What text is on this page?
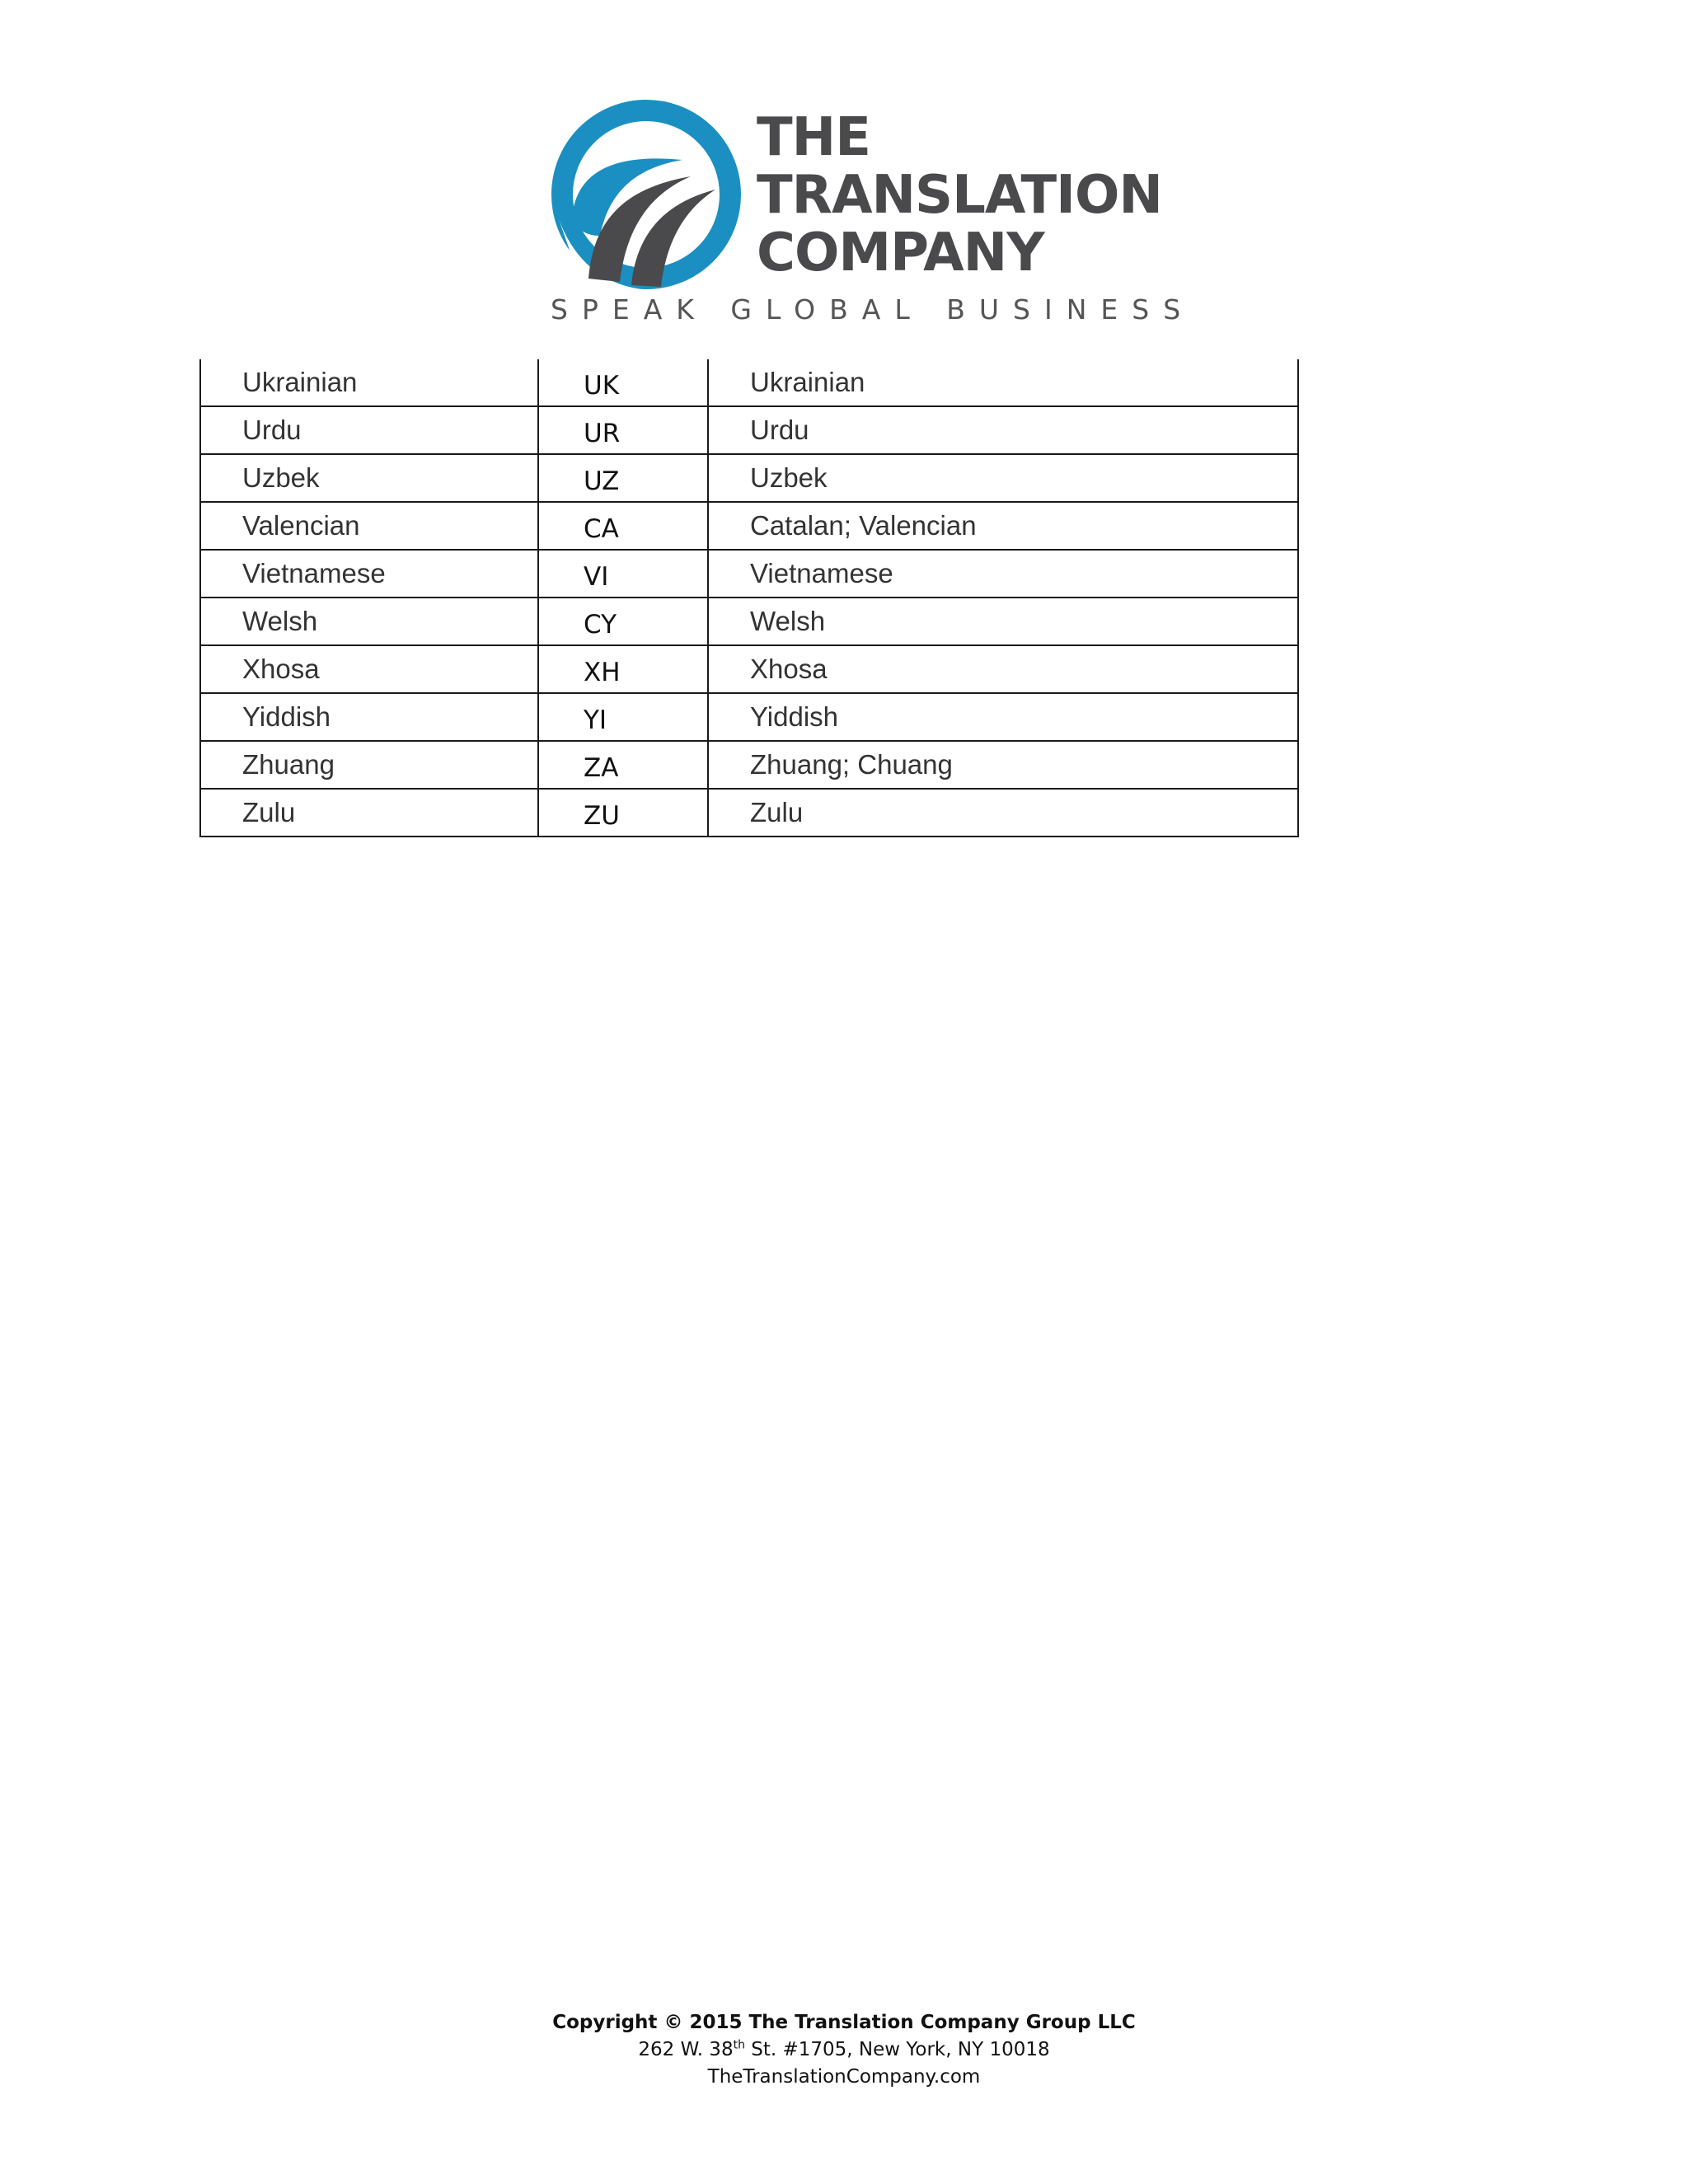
THE
TRANSLATION
COMPANY
SPEAK GLOBAL BUSINESS
Ukrainian	UK	Ukrainian
Urdu	UR	Urdu
Uzbek	UZ	Uzbek
Valencian	CA	Catalan; Valencian
Vietnamese	VI	Vietnamese
Welsh	CY	Welsh
Xhosa	XH	Xhosa
Yiddish	YI	Yiddish
Zhuang	ZA	Zhuang; Chuang
Zulu	ZU	Zulu
Copyright © 2015 The Translation Company Group LLC
262 W. 38th St. #1705, New York, NY 10018
TheTranslationCompany.com
